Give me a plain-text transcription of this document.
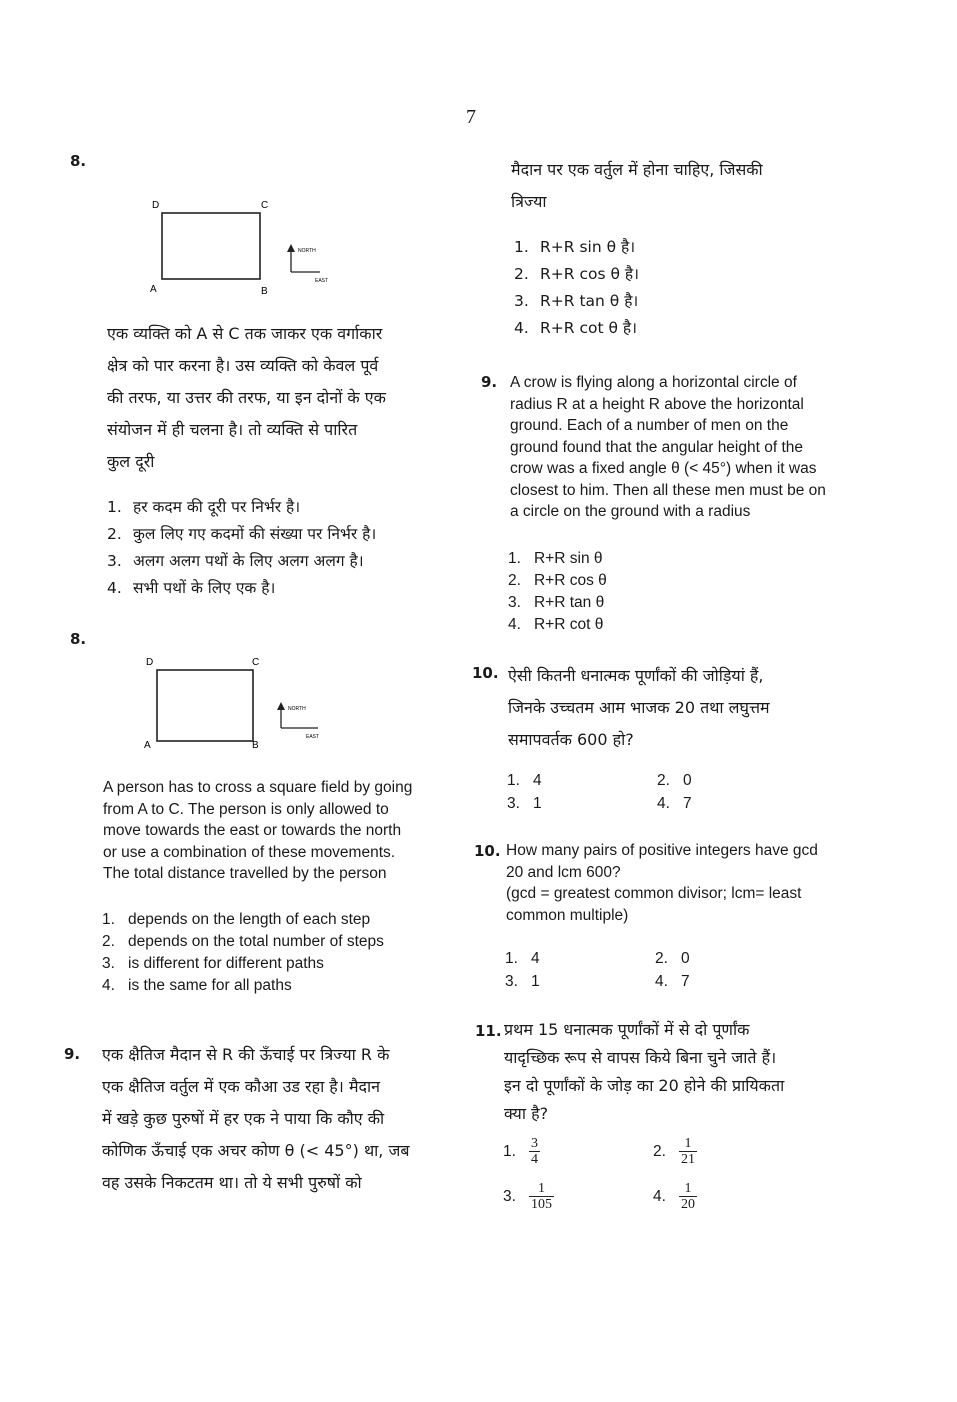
7
8.
D	C
A	B
NORTH
EAST
एक व्यक्ति को A से C तक जाकर एक वर्गाकार
क्षेत्र को पार करना है। उस व्यक्ति को केवल पूर्व
की तरफ, या उत्तर की तरफ, या इन दोनों के एक
संयोजन में ही चलना है। तो व्यक्ति से पारित
कुल दूरी
1. हर कदम की दूरी पर निर्भर है।
2. कुल लिए गए कदमों की संख्या पर निर्भर है।
3. अलग अलग पथों के लिए अलग अलग है।
4. सभी पथों के लिए एक है।
8.
D	C
A	B
NORTH
EAST
A person has to cross a square field by going
from A to C. The person is only allowed to
move towards the east or towards the north
or use a combination of these movements.
The total distance travelled by the person
1. depends on the length of each step
2. depends on the total number of steps
3. is different for different paths
4. is the same for all paths
9. एक क्षैतिज मैदान से R की ऊँचाई पर त्रिज्या R के
एक क्षैतिज वर्तुल में एक कौआ उड रहा है। मैदान
में खड़े कुछ पुरुषों में हर एक ने पाया कि कौए की
कोणिक ऊँचाई एक अचर कोण θ (< 45°) था, जब
वह उसके निकटतम था। तो ये सभी पुरुषों को
मैदान पर एक वर्तुल में होना चाहिए, जिसकी
त्रिज्या
1. R+R sin θ है।
2. R+R cos θ है।
3. R+R tan θ है।
4. R+R cot θ है।
9. A crow is flying along a horizontal circle of
radius R at a height R above the horizontal
ground. Each of a number of men on the
ground found that the angular height of the
crow was a fixed angle θ (< 45°) when it was
closest to him. Then all these men must be on
a circle on the ground with a radius
1. R+R sin θ
2. R+R cos θ
3. R+R tan θ
4. R+R cot θ
10. ऐसी कितनी धनात्मक पूर्णांकों की जोड़ियां हैं,
जिनके उच्चतम आम भाजक 20 तथा लघुत्तम
समापवर्तक 600 हो?
1. 4	2. 0
3. 1	4. 7
10. How many pairs of positive integers have gcd
20 and lcm 600?
(gcd = greatest common divisor; lcm= least
common multiple)
1. 4	2. 0
3. 1	4. 7
11. प्रथम 15 धनात्मक पूर्णांकों में से दो पूर्णांक
यादृच्छिक रूप से वापस किये बिना चुने जाते हैं।
इन दो पूर्णांकों के जोड़ का 20 होने की प्रायिकता
क्या है?
1. $\frac{3}{4}$	2. $\frac{1}{21}$
3. $\frac{1}{105}$	4. $\frac{1}{20}$
